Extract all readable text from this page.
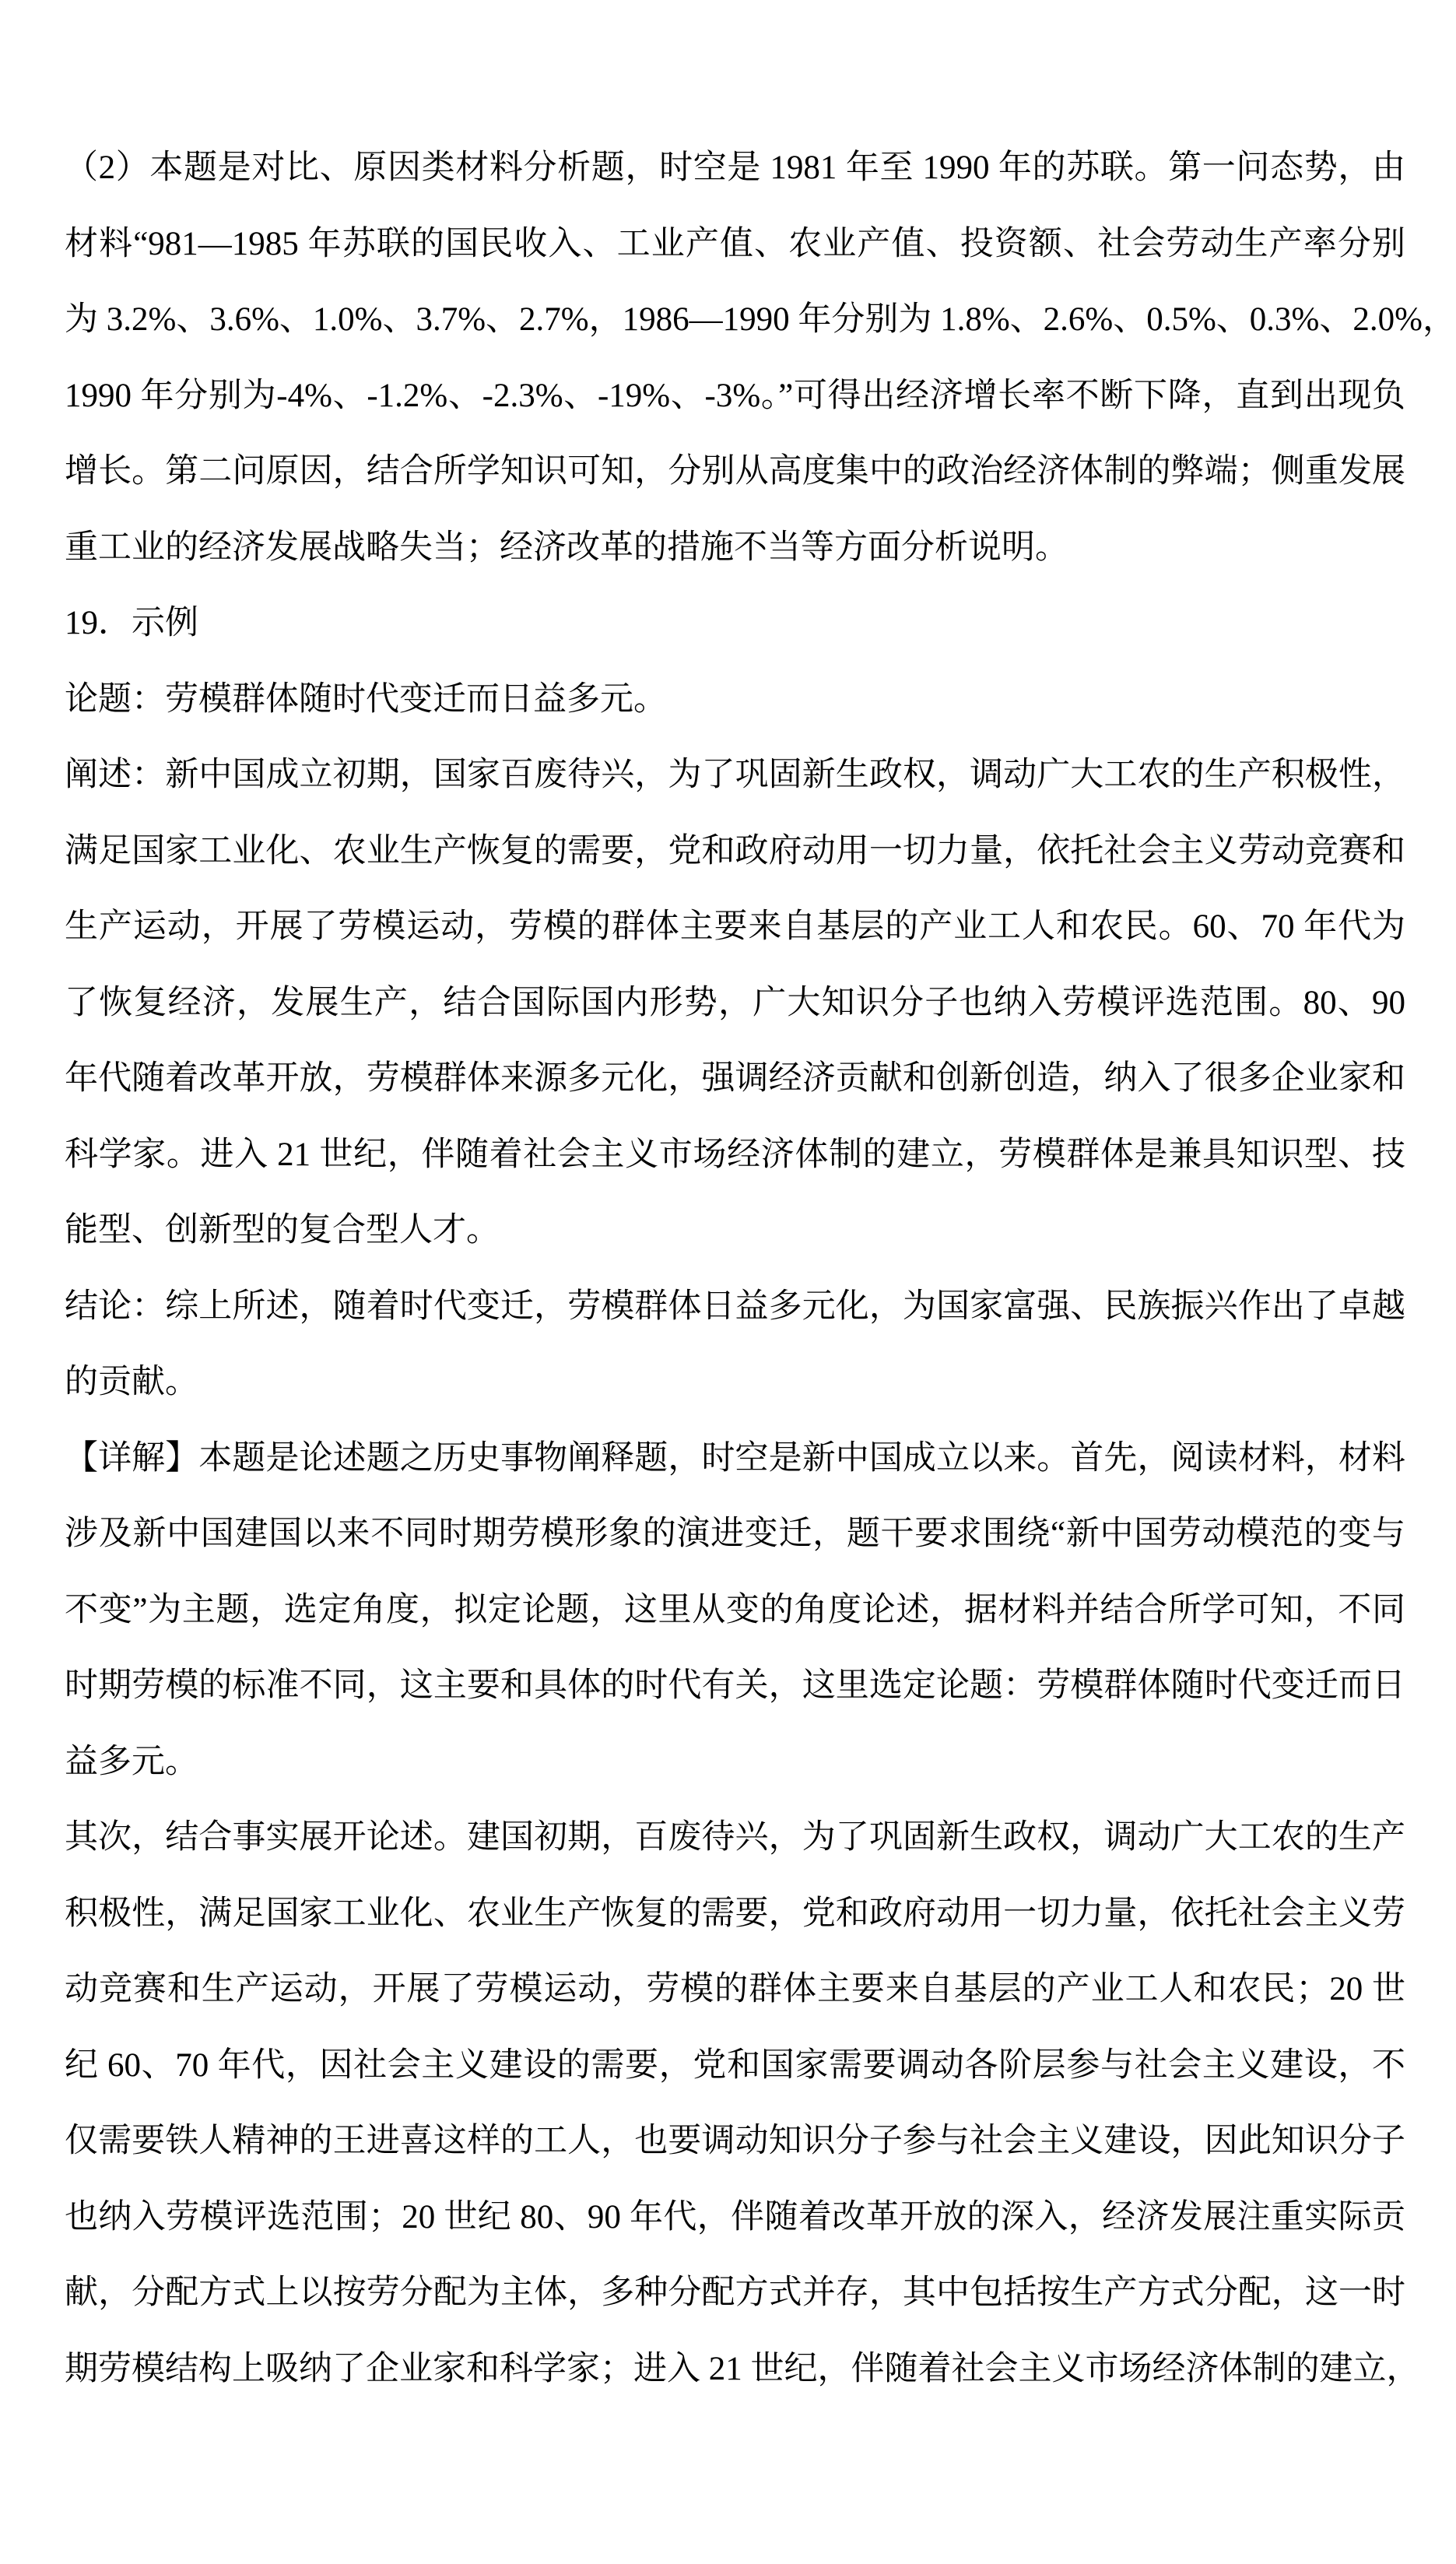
（2）本题是对比、原因类材料分析题，时空是 1981 年至 1990 年的苏联。第一问态势，由
材料“981—1985 年苏联的国民收入、工业产值、农业产值、投资额、社会劳动生产率分别
为 3.2%、3.6%、1.0%、3.7%、2.7%，1986—1990 年分别为 1.8%、2.6%、0.5%、0.3%、2.0%，
1990 年分别为-4%、-1.2%、-2.3%、-19%、-3%。”可得出经济增长率不断下降，直到出现负
增长。第二问原因，结合所学知识可知，分别从高度集中的政治经济体制的弊端；侧重发展
重工业的经济发展战略失当；经济改革的措施不当等方面分析说明。
19．示例
论题：劳模群体随时代变迁而日益多元。
阐述：新中国成立初期，国家百废待兴，为了巩固新生政权，调动广大工农的生产积极性，
满足国家工业化、农业生产恢复的需要，党和政府动用一切力量，依托社会主义劳动竞赛和
生产运动，开展了劳模运动，劳模的群体主要来自基层的产业工人和农民。60、70 年代为
了恢复经济，发展生产，结合国际国内形势，广大知识分子也纳入劳模评选范围。80、90
年代随着改革开放，劳模群体来源多元化，强调经济贡献和创新创造，纳入了很多企业家和
科学家。进入 21 世纪，伴随着社会主义市场经济体制的建立，劳模群体是兼具知识型、技
能型、创新型的复合型人才。
结论：综上所述，随着时代变迁，劳模群体日益多元化，为国家富强、民族振兴作出了卓越
的贡献。
【详解】本题是论述题之历史事物阐释题，时空是新中国成立以来。首先，阅读材料，材料
涉及新中国建国以来不同时期劳模形象的演进变迁，题干要求围绕“新中国劳动模范的变与
不变”为主题，选定角度，拟定论题，这里从变的角度论述，据材料并结合所学可知，不同
时期劳模的标准不同，这主要和具体的时代有关，这里选定论题：劳模群体随时代变迁而日
益多元。
其次，结合事实展开论述。建国初期，百废待兴，为了巩固新生政权，调动广大工农的生产
积极性，满足国家工业化、农业生产恢复的需要，党和政府动用一切力量，依托社会主义劳
动竞赛和生产运动，开展了劳模运动，劳模的群体主要来自基层的产业工人和农民；20 世
纪 60、70 年代，因社会主义建设的需要，党和国家需要调动各阶层参与社会主义建设，不
仅需要铁人精神的王进喜这样的工人，也要调动知识分子参与社会主义建设，因此知识分子
也纳入劳模评选范围；20 世纪 80、90 年代，伴随着改革开放的深入，经济发展注重实际贡
献，分配方式上以按劳分配为主体，多种分配方式并存，其中包括按生产方式分配，这一时
期劳模结构上吸纳了企业家和科学家；进入 21 世纪，伴随着社会主义市场经济体制的建立，
